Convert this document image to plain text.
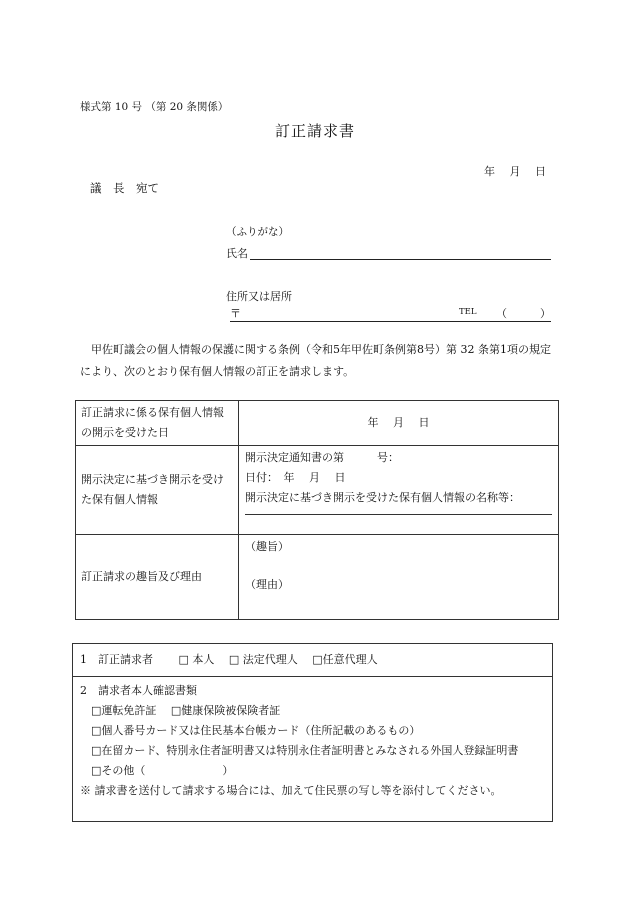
様式第 10 号 （第 20 条関係）
訂正請求書
年　 月　 日
議　長　宛て
（ふりがな）
氏名
住所又は居所
〒	TEL （　　　）
甲佐町議会の個人情報の保護に関する条例（令和5年甲佐町条例第8号）第 32 条第1項の規定により、次のとおり保有個人情報の訂正を請求します。
訂正請求に係る保有個人情報の開示を受けた日	年　 月　 日
開示決定に基づき開示を受けた保有個人情報	開示決定通知書の第　　　号：
日付：　年　 月　 日
開示決定に基づき開示を受けた保有個人情報の名称等：

訂正請求の趣旨及び理由	（趣旨）
（理由）
1　訂正請求者　　 □ 本人　 □ 法定代理人　 □任意代理人

2　請求者本人確認書類
□運転免許証　 □健康保険被保険者証
□個人番号カード又は住民基本台帳カード（住所記載のあるもの）
□在留カード、特別永住者証明書又は特別永住者証明書とみなされる外国人登録証明書
□その他（　　　　　　　）
※ 請求書を送付して請求する場合には、加えて住民票の写し等を添付してください。
